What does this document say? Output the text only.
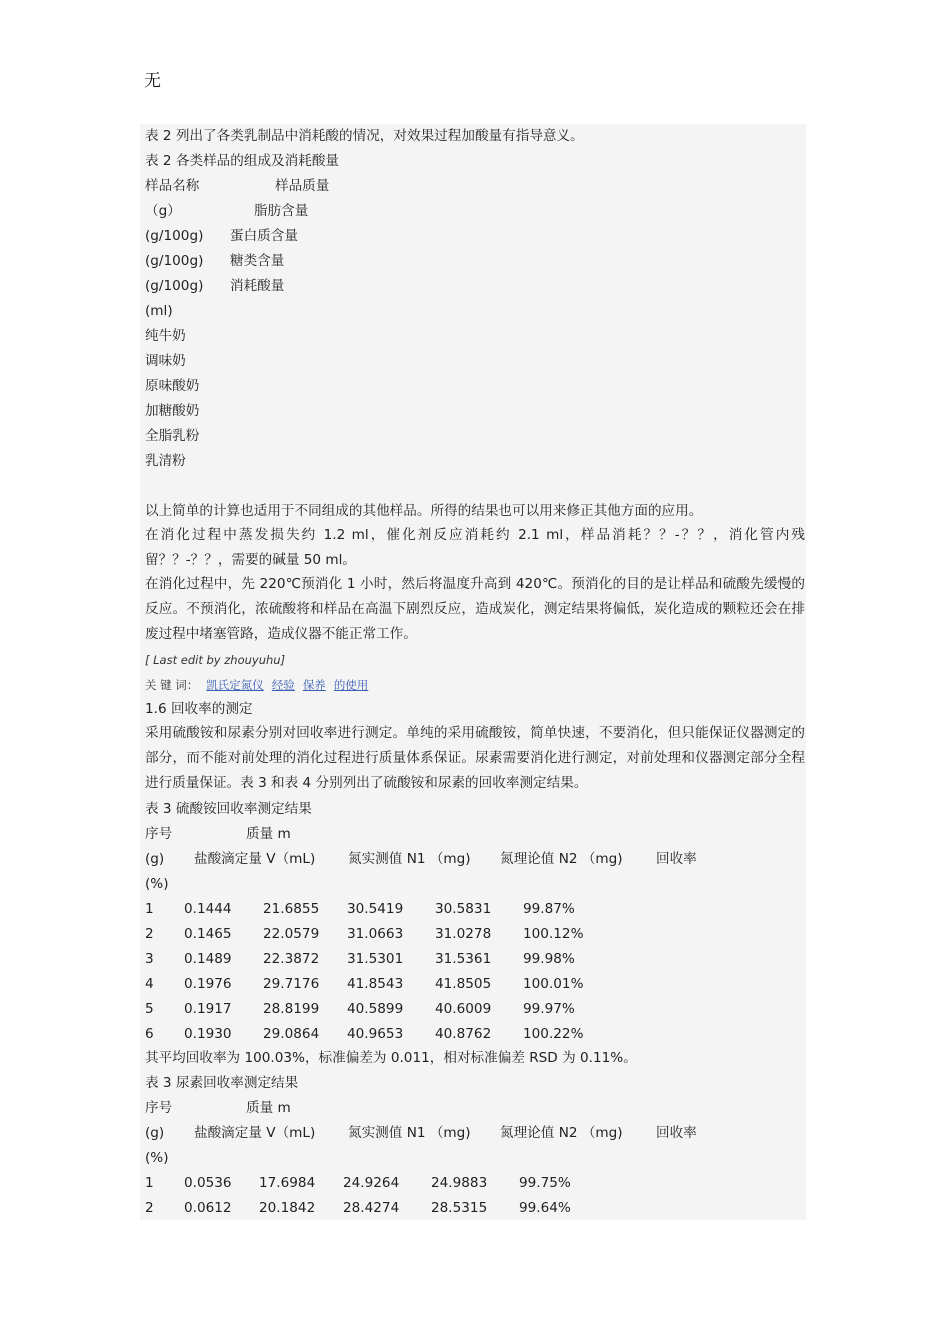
无
表 2 列出了各类乳制品中消耗酸的情况，对效果过程加酸量有指导意义。
表 2 各类样品的组成及消耗酸量
样品名称	样品质量
（g）	脂肪含量
(g/100g) 蛋白质含量
(g/100g) 糖类含量
(g/100g) 消耗酸量
(ml)
纯牛奶
调味奶
原味酸奶
加糖酸奶
全脂乳粉
乳清粉
以上简单的计算也适用于不同组成的其他样品。所得的结果也可以用来修正其他方面的应用。
在消化过程中蒸发损失约 1.2 ml，催化剂反应消耗约 2.1 ml，样品消耗？？-？？，消化管内残留？？-？？，需要的碱量 50 ml。
在消化过程中，先 220℃预消化 1 小时，然后将温度升高到 420℃。预消化的目的是让样品和硫酸先缓慢的反应。不预消化，浓硫酸将和样品在高温下剧烈反应，造成炭化，测定结果将偏低，炭化造成的颗粒还会在排废过程中堵塞管路，造成仪器不能正常工作。
[ Last edit by zhouyuhu]
关 键 词： 凯氏定氮仪 经验 保养 的使用
1.6 回收率的测定
采用硫酸铵和尿素分别对回收率进行测定。单纯的采用硫酸铵，简单快速，不要消化，但只能保证仪器测定的部分，而不能对前处理的消化过程进行质量体系保证。尿素需要消化进行测定，对前处理和仪器测定部分全程进行质量保证。表 3 和表 4 分别列出了硫酸铵和尿素的回收率测定结果。
表 3 硫酸铵回收率测定结果
序号	质量 m
(g) 盐酸滴定量 V（mL) 氮实测值 N1 （mg) 氮理论值 N2 （mg) 回收率
(%)
1 0.1444 21.6855 30.5419 30.5831 99.87%
2 0.1465 22.0579 31.0663 31.0278 100.12%
3 0.1489 22.3872 31.5301 31.5361 99.98%
4 0.1976 29.7176 41.8543 41.8505 100.01%
5 0.1917 28.8199 40.5899 40.6009 99.97%
6 0.1930 29.0864 40.9653 40.8762 100.22%
其平均回收率为 100.03%，标准偏差为 0.011，相对标准偏差 RSD 为 0.11%。
表 3 尿素回收率测定结果
序号	质量 m
(g) 盐酸滴定量 V（mL) 氮实测值 N1 （mg) 氮理论值 N2 （mg) 回收率
(%)
1 0.0536 17.6984 24.9264 24.9883 99.75%
2 0.0612 20.1842 28.4274 28.5315 99.64%
